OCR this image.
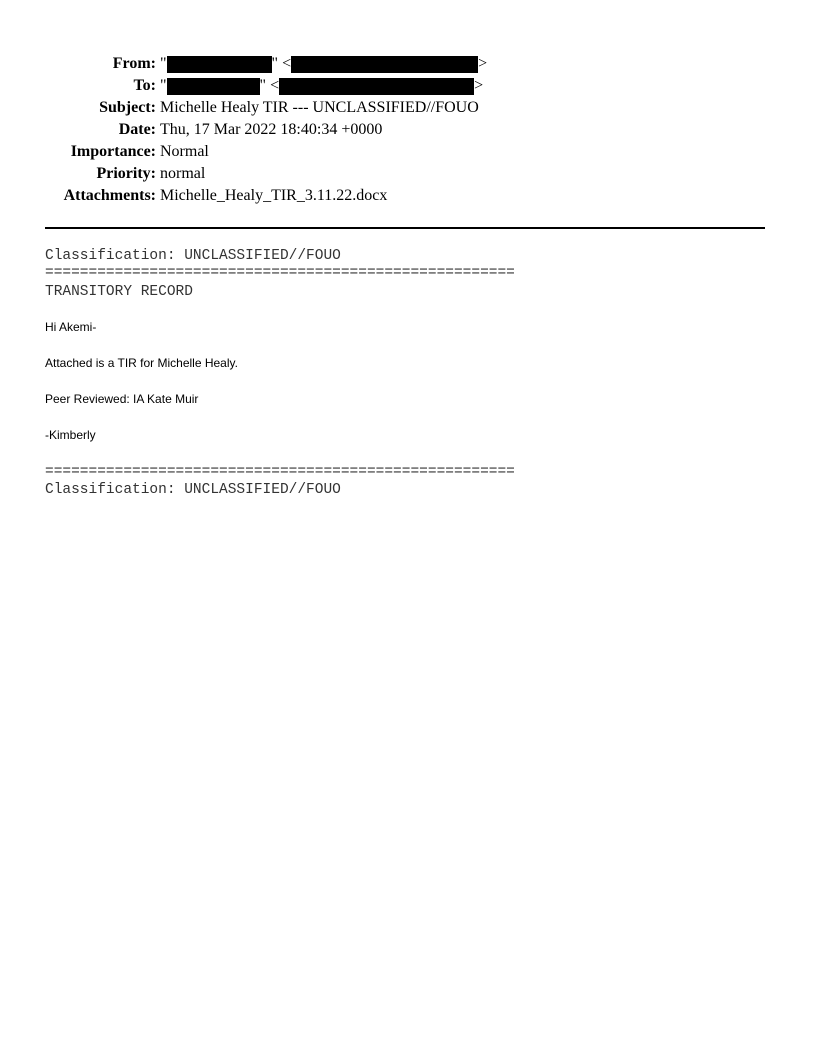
From: "	" <	>
To: "	" <	>
Subject: Michelle Healy TIR --- UNCLASSIFIED//FOUO
Date: Thu, 17 Mar 2022 18:40:34 +0000
Importance: Normal
Priority: normal
Attachments: Michelle_Healy_TIR_3.11.22.docx
Classification: UNCLASSIFIED//FOUO
======================================================
TRANSITORY RECORD
Hi Akemi-
Attached is a TIR for Michelle Healy.
Peer Reviewed: IA Kate Muir
-Kimberly
======================================================
Classification: UNCLASSIFIED//FOUO
